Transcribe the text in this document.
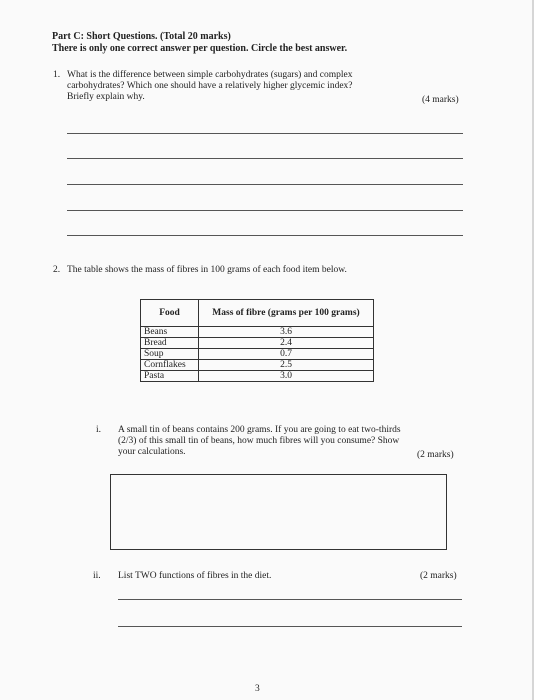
Part C: Short Questions. (Total 20 marks)
There is only one correct answer per question. Circle the best answer.
1. What is the difference between simple carbohydrates (sugars) and complex
carbohydrates? Which one should have a relatively higher glycemic index?
Briefly explain why.	(4 marks)
2. The table shows the mass of fibres in 100 grams of each food item below.
Food	Mass of fibre (grams per 100 grams)
Beans	3.6
Bread	2.4
Soup	0.7
Cornflakes	2.5
Pasta	3.0
i. A small tin of beans contains 200 grams. If you are going to eat two-thirds
(2/3) of this small tin of beans, how much fibres will you consume? Show
your calculations.	(2 marks)
ii. List TWO functions of fibres in the diet.	(2 marks)
3
